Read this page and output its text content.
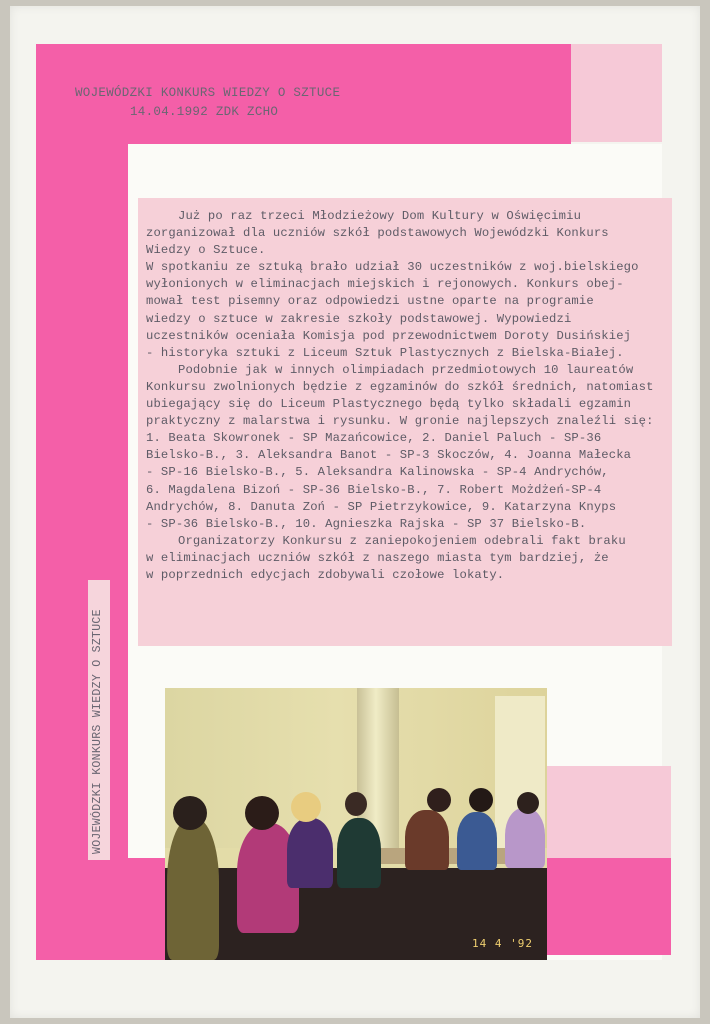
WOJEWÓDZKI KONKURS WIEDZY O SZTUCE
14.04.1992 ZDK ZCHO

Już po raz trzeci Młodzieżowy Dom Kultury w Oświęcimiu
zorganizował dla uczniów szkół podstawowych Wojewódzki Konkurs
Wiedzy o Sztuce.

W spotkaniu ze sztuką brało udział 30 uczestników z woj.bielskiego
wyłonionych w eliminacjach miejskich i rejonowych. Konkurs obej-
mował test pisemny oraz odpowiedzi ustne oparte na programie
wiedzy o sztuce w zakresie szkoły podstawowej. Wypowiedzi
uczestników oceniała Komisja pod przewodnictwem Doroty Dusińskiej
- historyka sztuki z Liceum Sztuk Plastycznych z Bielska-Białej.

Podobnie jak w innych olimpiadach przedmiotowych 10 laureatów
Konkursu zwolnionych będzie z egzaminów do szkół średnich, natomiast
ubiegający się do Liceum Plastycznego będą tylko składali egzamin
praktyczny z malarstwa i rysunku. W gronie najlepszych znaleźli się:
1. Beata Skowronek - SP Mazańcowice, 2. Daniel Paluch - SP-36
Bielsko-B., 3. Aleksandra Banot - SP-3 Skoczów, 4. Joanna Małecka
- SP-16 Bielsko-B., 5. Aleksandra Kalinowska - SP-4 Andrychów,
6. Magdalena Bizoń - SP-36 Bielsko-B., 7. Robert Możdżeń-SP-4
Andrychów, 8. Danuta Zoń - SP Pietrzykowice, 9. Katarzyna Knyps
- SP-36 Bielsko-B., 10. Agnieszka Rajska - SP 37 Bielsko-B.

Organizatorzy Konkursu z zaniepokojeniem odebrali fakt braku
w eliminacjach uczniów szkół z naszego miasta tym bardziej, że
w poprzednich edycjach zdobywali czołowe lokaty.

WOJEWÓDZKI KONKURS WIEDZY O SZTUCE
14 4 '92
